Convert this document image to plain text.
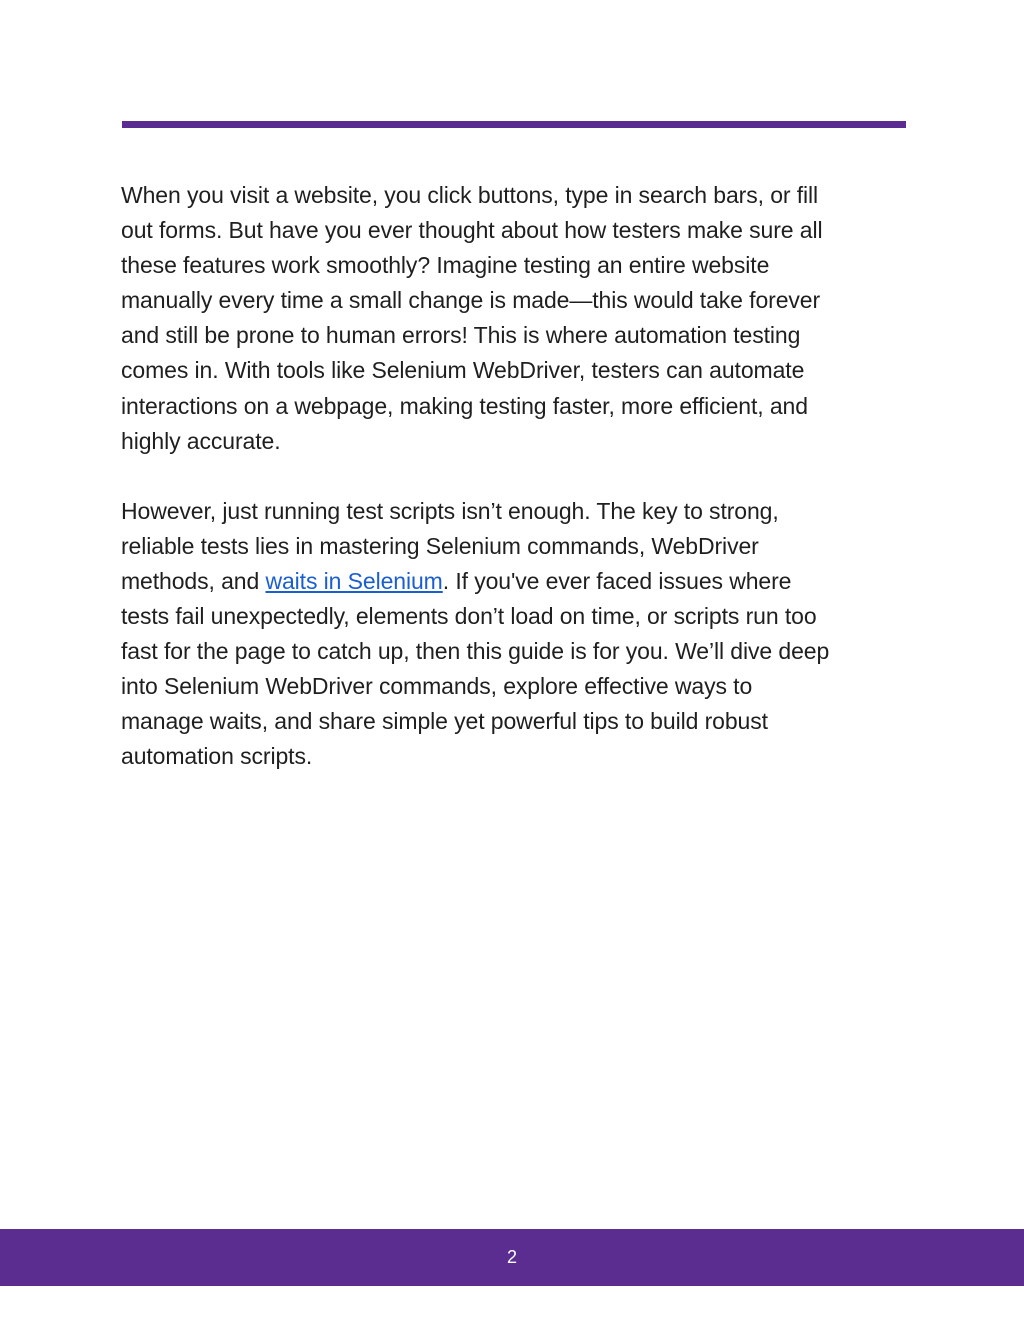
When you visit a website, you click buttons, type in search bars, or fill
out forms. But have you ever thought about how testers make sure all
these features work smoothly? Imagine testing an entire website
manually every time a small change is made—this would take forever
and still be prone to human errors! This is where automation testing
comes in. With tools like Selenium WebDriver, testers can automate
interactions on a webpage, making testing faster, more efficient, and
highly accurate.

However, just running test scripts isn’t enough. The key to strong,
reliable tests lies in mastering Selenium commands, WebDriver
methods, and waits in Selenium. If you've ever faced issues where
tests fail unexpectedly, elements don’t load on time, or scripts run too
fast for the page to catch up, then this guide is for you. We’ll dive deep
into Selenium WebDriver commands, explore effective ways to
manage waits, and share simple yet powerful tips to build robust
automation scripts.

2
